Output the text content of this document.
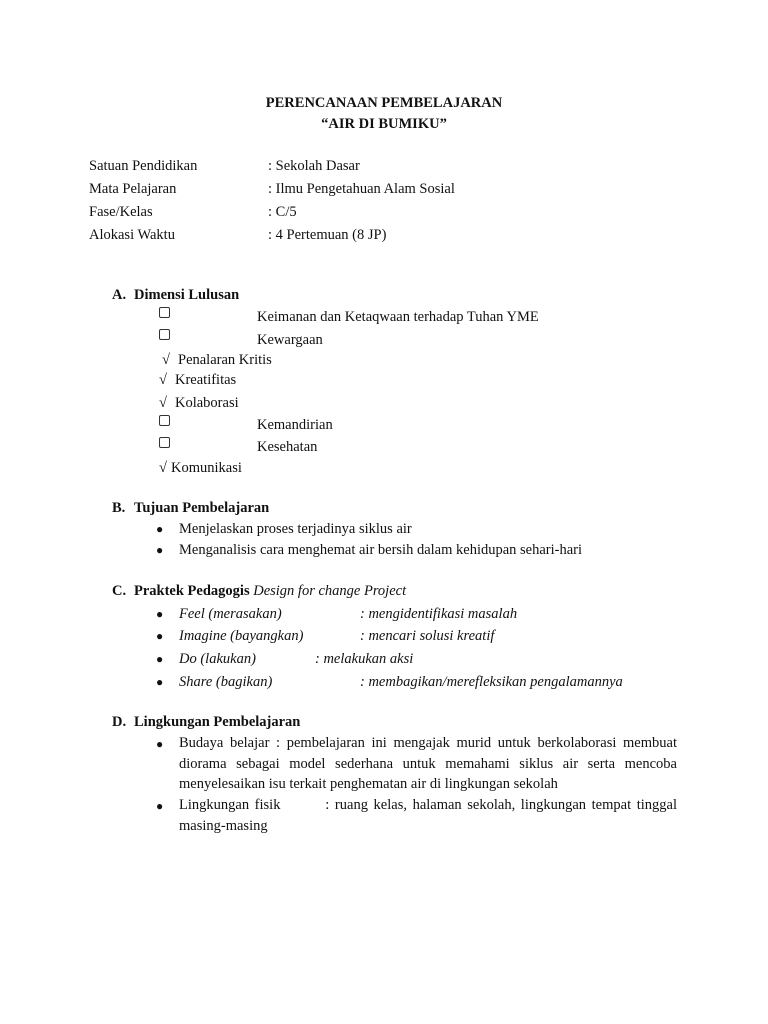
PERENCANAAN PEMBELAJARAN
“AIR DI BUMIKU”
Satuan Pendidikan	: Sekolah Dasar
Mata Pelajaran	: Ilmu Pengetahuan Alam Sosial
Fase/Kelas	: C/5
Alokasi Waktu	: 4 Pertemuan (8 JP)
A. Dimensi Lulusan
Keimanan dan Ketaqwaan terhadap Tuhan YME
Kewargaan
√ Penalaran Kritis
√ Kreatifitas
√ Kolaborasi
Kemandirian
Kesehatan
√ Komunikasi
B. Tujuan Pembelajaran
● Menjelaskan proses terjadinya siklus air
● Menganalisis cara menghemat air bersih dalam kehidupan sehari-hari
C. Praktek Pedagogis Design for change Project
● Feel (merasakan)	: mengidentifikasi masalah
● Imagine (bayangkan)	: mencari solusi kreatif
● Do (lakukan)	: melakukan aksi
● Share (bagikan)	: membagikan/merefleksikan pengalamannya
D. Lingkungan Pembelajaran
● Budaya belajar : pembelajaran ini mengajak murid untuk berkolaborasi membuat diorama sebagai model sederhana untuk memahami siklus air serta mencoba menyelesaikan isu terkait penghematan air di lingkungan sekolah
● Lingkungan fisik        : ruang kelas, halaman sekolah, lingkungan tempat tinggal masing-masing
